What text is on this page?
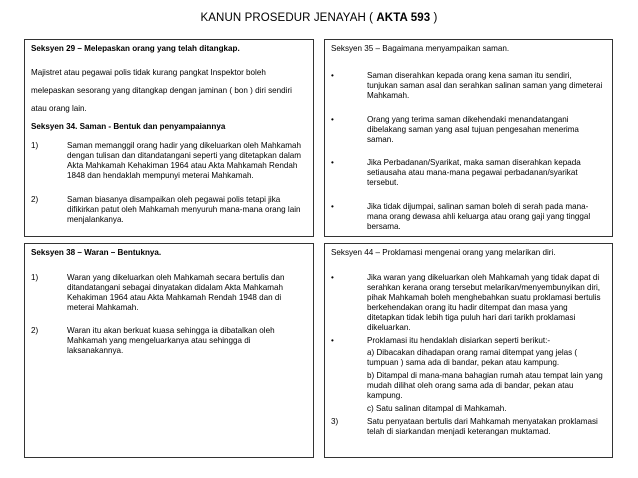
KANUN PROSEDUR JENAYAH ( AKTA 593 )
Seksyen 29 – Melepaskan orang yang telah ditangkap.
Majistret atau pegawai polis tidak kurang pangkat Inspektor boleh melepaskan sesorang yang ditangkap dengan jaminan ( bon ) diri sendiri atau orang lain.
Seksyen 34. Saman - Bentuk dan penyampaiannya
1)	Saman memanggil orang hadir yang dikeluarkan oleh Mahkamah dengan tulisan dan ditandatangani seperti yang ditetapkan dalam Akta Mahkamah Kehakiman 1964 atau Akta Mahkamah Rendah 1848 dan hendaklah mempunyi meterai Mahkamah.
2)	Saman biasanya disampaikan oleh pegawai polis tetapi jika difikirkan patut oleh Mahkamah menyuruh mana-mana orang lain menjalankanya.
Seksyen 35 – Bagaimana menyampaikan saman.
•	Saman diserahkan kepada orang kena saman itu sendiri, tunjukan saman asal dan serahkan salinan saman yang dimeterai Mahkamah.
•	Orang yang terima saman dikehendaki menandatangani dibelakang saman yang asal tujuan pengesahan menerima saman.
•	Jika Perbadanan/Syarikat, maka saman diserahkan kepada setiausaha atau mana-mana pegawai perbadanan/syarikat tersebut.
•	Jika tidak dijumpai, salinan saman boleh di serah pada mana-mana orang dewasa ahli keluarga atau orang gaji yang tinggal bersama.
Seksyen 38 – Waran – Bentuknya.
1)	Waran yang dikeluarkan oleh Mahkamah secara bertulis dan ditandatangani sebagai dinyatakan didalam Akta Mahkamah Kehakiman 1964 atau Akta Mahkamah Rendah 1948 dan di meterai Mahkamah.
2)	Waran itu akan berkuat kuasa sehingga ia dibatalkan oleh Mahkamah yang mengeluarkanya atau sehingga di laksanakannya.
Seksyen 44 – Proklamasi mengenai orang yang melarikan diri.
•	Jika waran yang dikeluarkan oleh Mahkamah yang tidak dapat di serahkan kerana orang tersebut melarikan/menyembunyikan diri, pihak Mahkamah boleh menghebahkan suatu proklamasi bertulis berkehendakan orang itu hadir ditempat dan masa yang ditetapkan tidak lebih tiga puluh hari dari tarikh proklamasi dikeluarkan.
•	Proklamasi itu hendaklah disiarkan seperti berikut:-
a) Dibacakan dihadapan orang ramai ditempat yang jelas ( tumpuan ) sama ada di bandar, pekan atau kampung.
b) Ditampal di mana-mana bahagian rumah atau tempat lain yang mudah dilihat oleh orang sama ada di bandar, pekan atau kampung.
c) Satu salinan ditampal di Mahkamah.
3)	Satu penyataan bertulis dari Mahkamah menyatakan proklamasi telah di siarkandan menjadi keterangan muktamad.
